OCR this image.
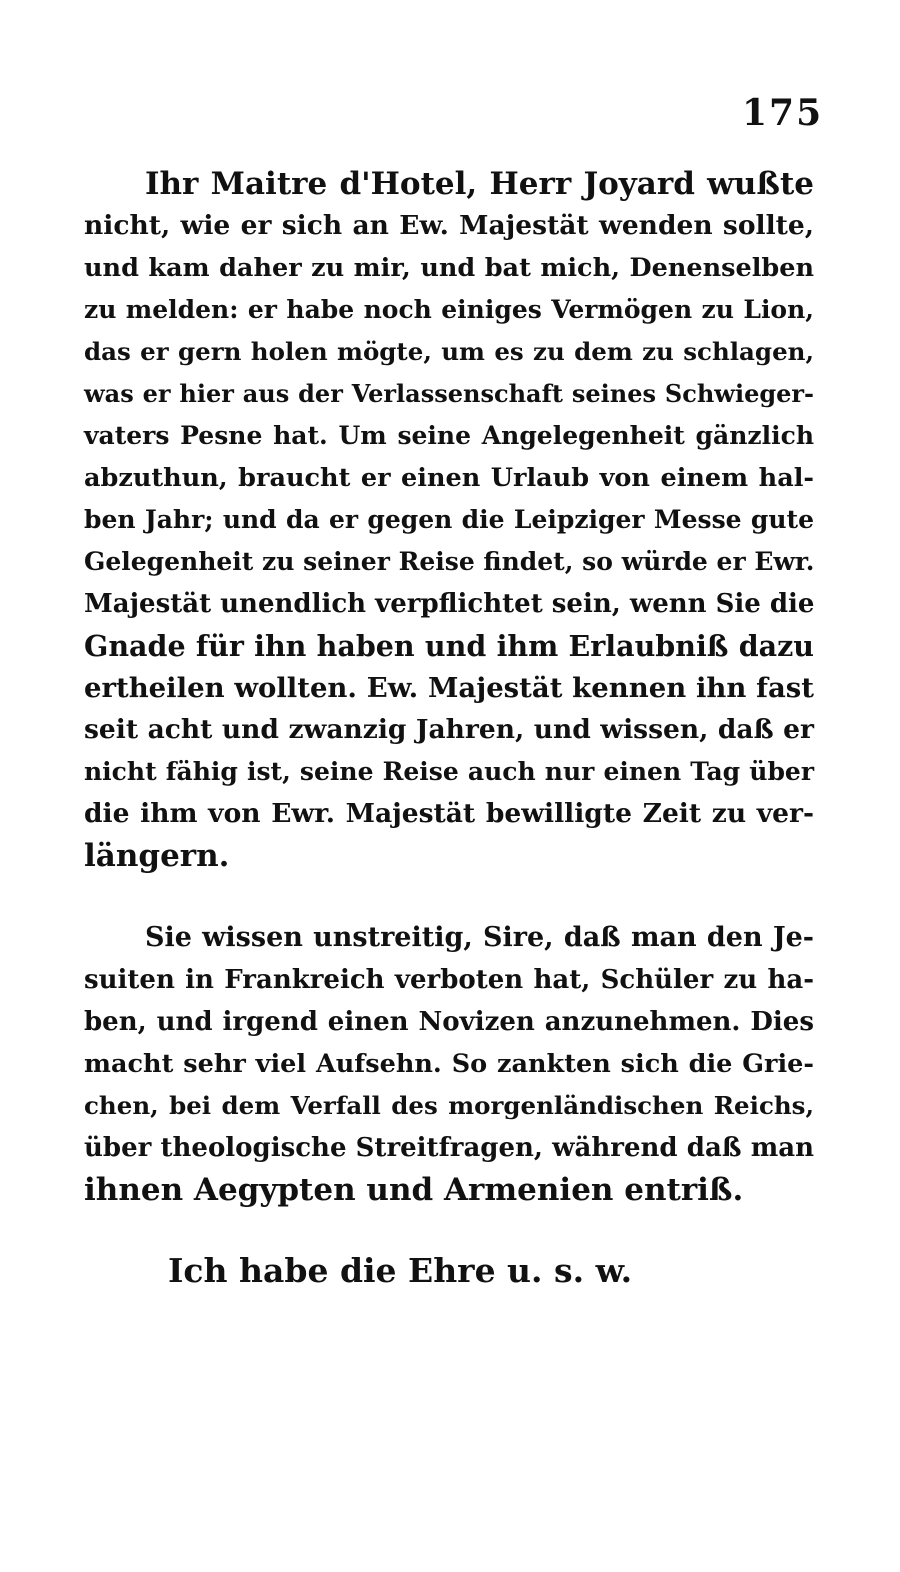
175
Ihr Maitre d'Hotel, Herr Joyard wußte
nicht, wie er sich an Ew. Majestät wenden sollte,
und kam daher zu mir, und bat mich, Denenselben
zu melden: er habe noch einiges Vermögen zu Lion,
das er gern holen mögte, um es zu dem zu schlagen,
was er hier aus der Verlassenschaft seines Schwieger-
vaters Pesne hat. Um seine Angelegenheit gänzlich
abzuthun, braucht er einen Urlaub von einem hal-
ben Jahr; und da er gegen die Leipziger Messe gute
Gelegenheit zu seiner Reise findet, so würde er Ewr.
Majestät unendlich verpflichtet sein, wenn Sie die
Gnade für ihn haben und ihm Erlaubniß dazu
ertheilen wollten. Ew. Majestät kennen ihn fast
seit acht und zwanzig Jahren, und wissen, daß er
nicht fähig ist, seine Reise auch nur einen Tag über
die ihm von Ewr. Majestät bewilligte Zeit zu ver-
längern.
Sie wissen unstreitig, Sire, daß man den Je-
suiten in Frankreich verboten hat, Schüler zu ha-
ben, und irgend einen Novizen anzunehmen. Dies
macht sehr viel Aufsehn. So zankten sich die Grie-
chen, bei dem Verfall des morgenländischen Reichs,
über theologische Streitfragen, während daß man
ihnen Aegypten und Armenien entriß.
Ich habe die Ehre u. s. w.
